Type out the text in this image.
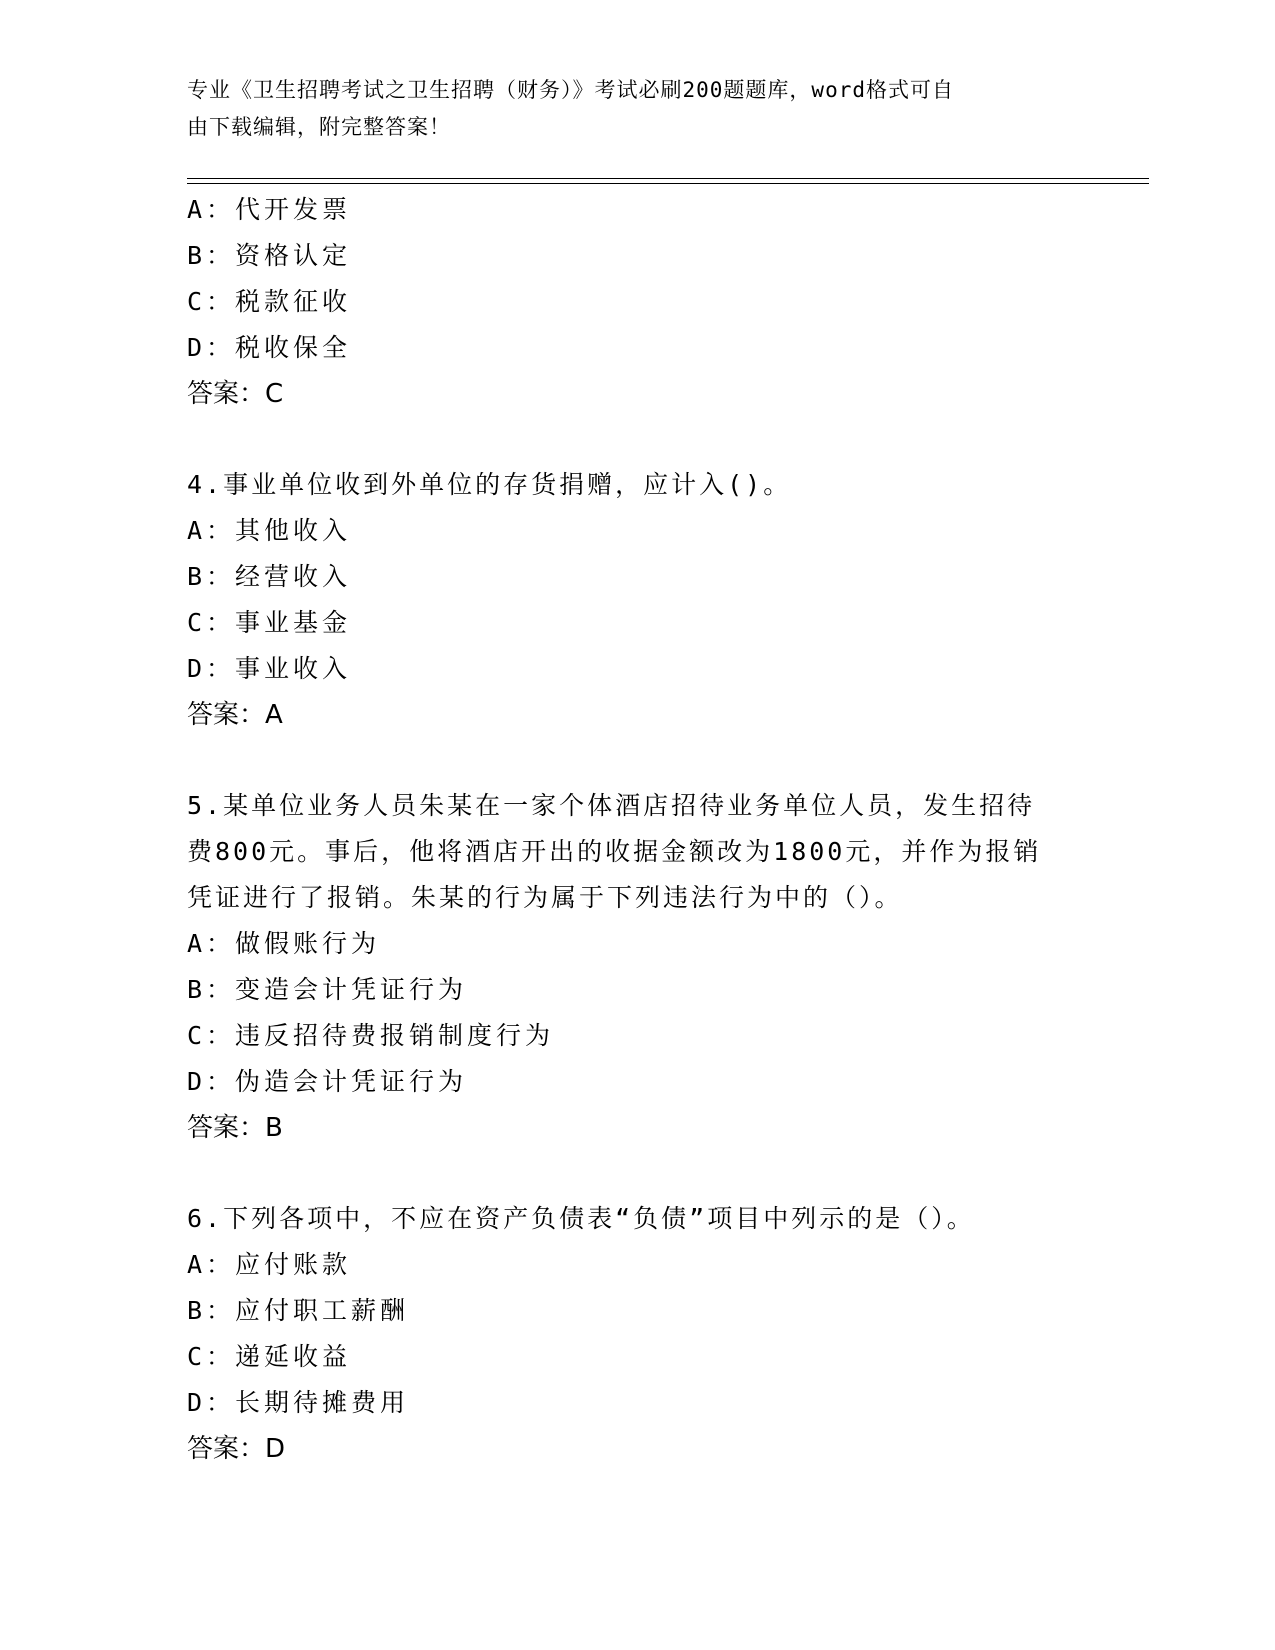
专业《卫生招聘考试之卫生招聘（财务）》考试必刷200题题库，word格式可自
由下载编辑，附完整答案！
A：代开发票
B：资格认定
C：税款征收
D：税收保全
答案：C
4.事业单位收到外单位的存货捐赠，应计入()。
A：其他收入
B：经营收入
C：事业基金
D：事业收入
答案：A
5.某单位业务人员朱某在一家个体酒店招待业务单位人员，发生招待
费800元。事后，他将酒店开出的收据金额改为1800元，并作为报销
凭证进行了报销。朱某的行为属于下列违法行为中的（）。
A：做假账行为
B：变造会计凭证行为
C：违反招待费报销制度行为
D：伪造会计凭证行为
答案：B
6.下列各项中，不应在资产负债表“负债”项目中列示的是（）。
A：应付账款
B：应付职工薪酬
C：递延收益
D：长期待摊费用
答案：D
